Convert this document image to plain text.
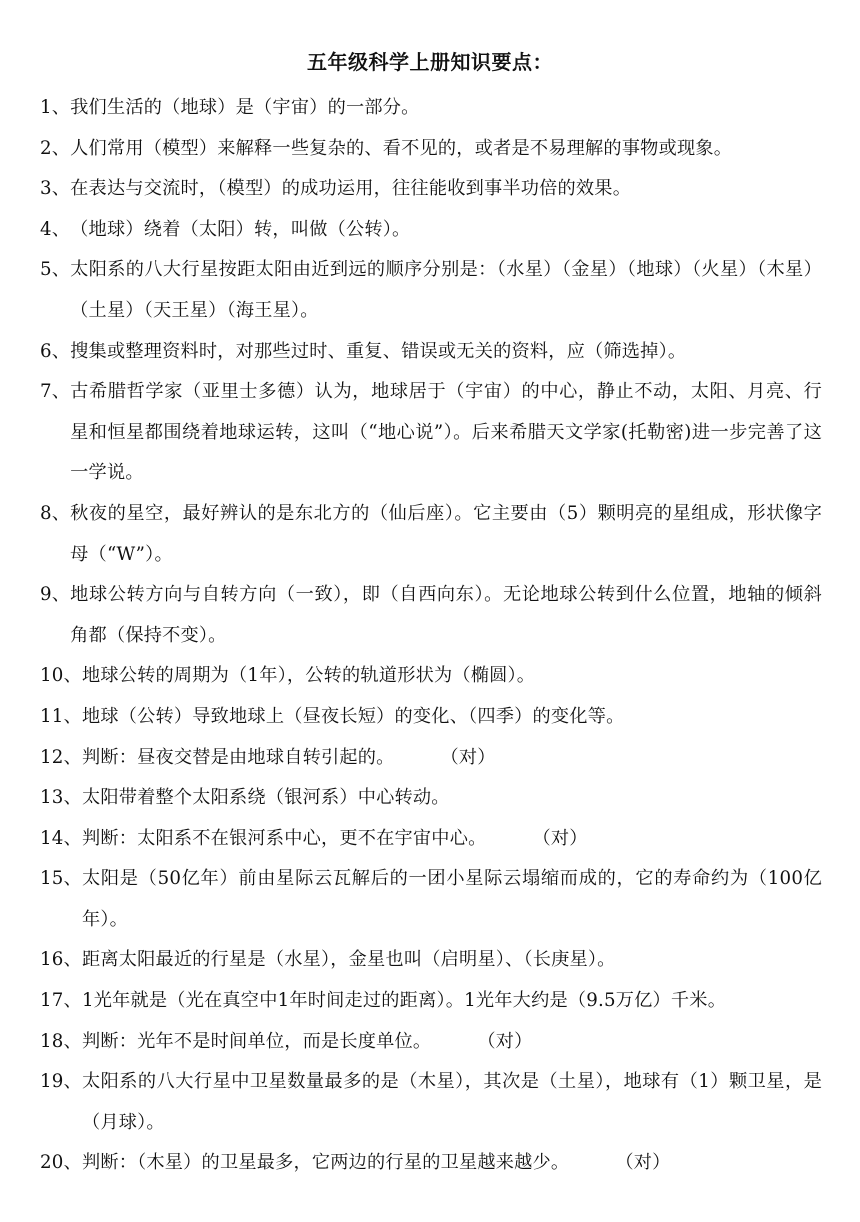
五年级科学上册知识要点：
1、 我们生活的（地球）是（宇宙）的一部分。
2、 人们常用（模型）来解释一些复杂的、看不见的，或者是不易理解的事物或现象。
3、 在表达与交流时，（模型）的成功运用，往往能收到事半功倍的效果。
4、 （地球）绕着（太阳）转，叫做（公转）。
5、 太阳系的八大行星按距太阳由近到远的顺序分别是：（水星）（金星）（地球）（火星）（木星）（土星）（天王星）（海王星）。
6、 搜集或整理资料时，对那些过时、重复、错误或无关的资料，应（筛选掉）。
7、 古希腊哲学家（亚里士多德）认为，地球居于（宇宙）的中心，静止不动，太阳、月亮、行星和恒星都围绕着地球运转，这叫（“地心说”）。后来希腊天文学家(托勒密)进一步完善了这一学说。
8、 秋夜的星空，最好辨认的是东北方的（仙后座）。它主要由（5）颗明亮的星组成，形状像字母（“W”）。
9、 地球公转方向与自转方向（一致），即（自西向东）。无论地球公转到什么位置，地轴的倾斜角都（保持不变）。
10、 地球公转的周期为（1年），公转的轨道形状为（椭圆）。
11、 地球（公转）导致地球上（昼夜长短）的变化、（四季）的变化等。
12、 判断：昼夜交替是由地球自转引起的。	（对）
13、 太阳带着整个太阳系绕（银河系）中心转动。
14、 判断：太阳系不在银河系中心，更不在宇宙中心。	（对）
15、 太阳是（50亿年）前由星际云瓦解后的一团小星际云塌缩而成的，它的寿命约为（100亿年）。
16、 距离太阳最近的行星是（水星），金星也叫（启明星）、（长庚星）。
17、 1光年就是（光在真空中1年时间走过的距离）。1光年大约是（9.5万亿）千米。
18、 判断：光年不是时间单位，而是长度单位。	（对）
19、 太阳系的八大行星中卫星数量最多的是（木星），其次是（土星），地球有（1）颗卫星，是（月球）。
20、 判断：（木星）的卫星最多，它两边的行星的卫星越来越少。	（对）
